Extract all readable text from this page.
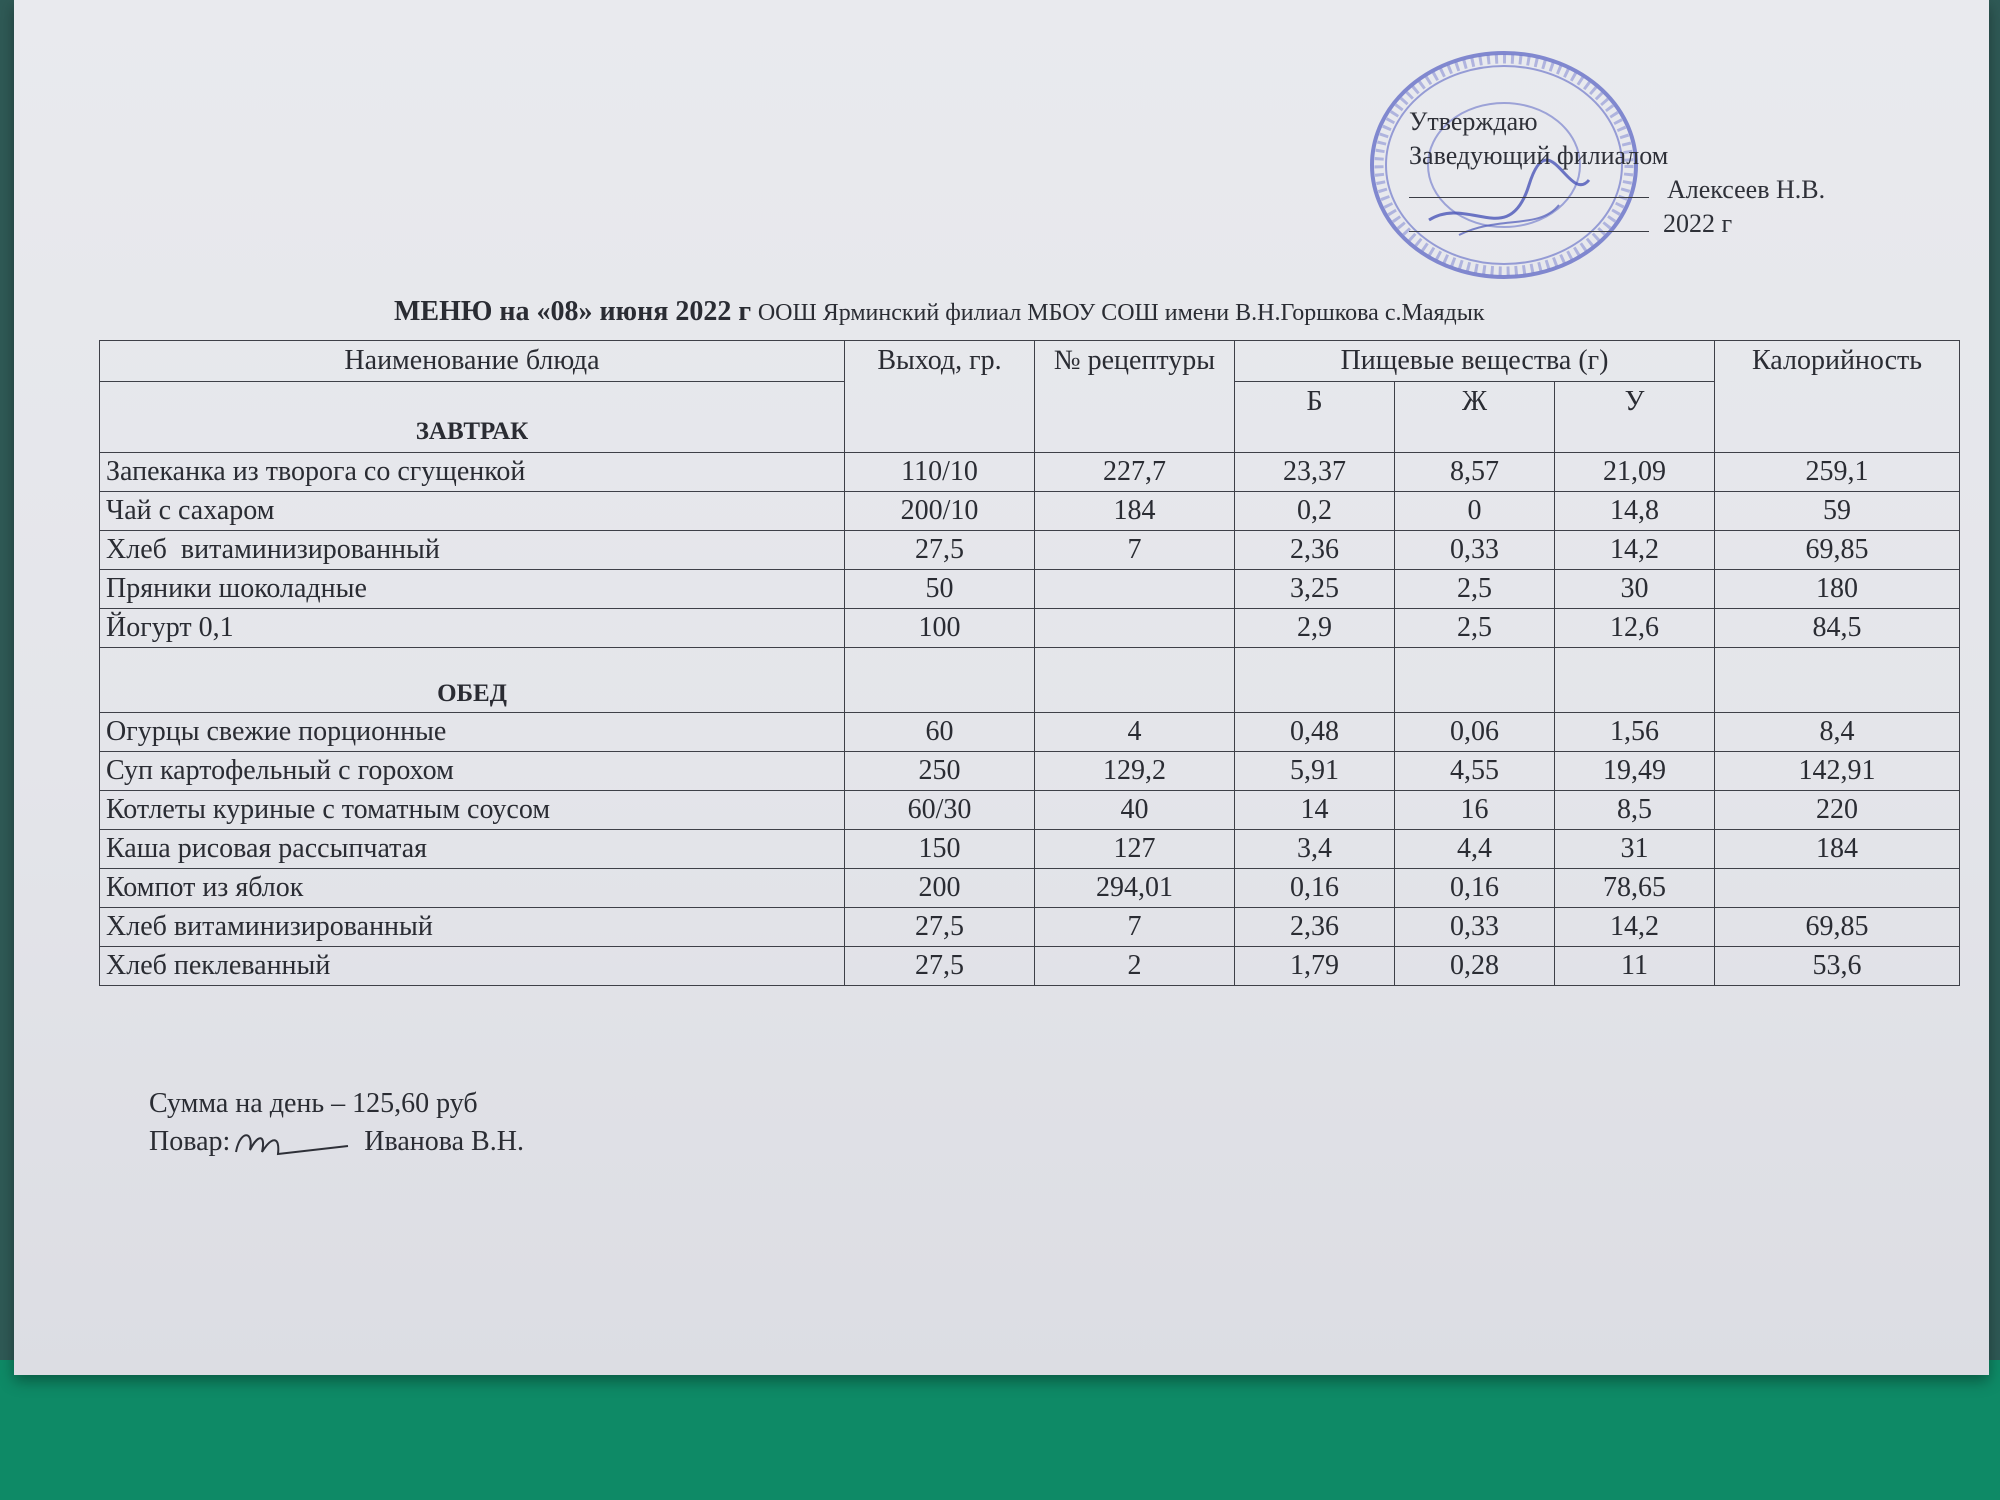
Утверждаю
Заведующий филиалом
Алексеев Н.В.
2022 г
МЕНЮ на «08» июня 2022 г ООШ Ярминский филиал МБОУ СОШ имени В.Н.Горшкова с.Маядык
Наименование блюда	Выход, гр.	№ рецептуры	Пищевые вещества (г)			Калорийность
ЗАВТРАК			Б	Ж	У	
Запеканка из творога со сгущенкой	110/10	227,7	23,37	8,57	21,09	259,1
Чай с сахаром	200/10	184	0,2	0	14,8	59
Хлеб  витаминизированный	27,5	7	2,36	0,33	14,2	69,85
Пряники шоколадные	50		3,25	2,5	30	180
Йогурт 0,1	100		2,9	2,5	12,6	84,5
ОБЕД						
Огурцы свежие порционные	60	4	0,48	0,06	1,56	8,4
Суп картофельный с горохом	250	129,2	5,91	4,55	19,49	142,91
Котлеты куриные с томатным соусом	60/30	40	14	16	8,5	220
Каша рисовая рассыпчатая	150	127	3,4	4,4	31	184
Компот из яблок	200	294,01	0,16	0,16	78,65	
Хлеб витаминизированный	27,5	7	2,36	0,33	14,2	69,85
Хлеб пеклеванный	27,5	2	1,79	0,28	11	53,6
Сумма на день – 125,60 руб
Повар:	Иванова В.Н.
